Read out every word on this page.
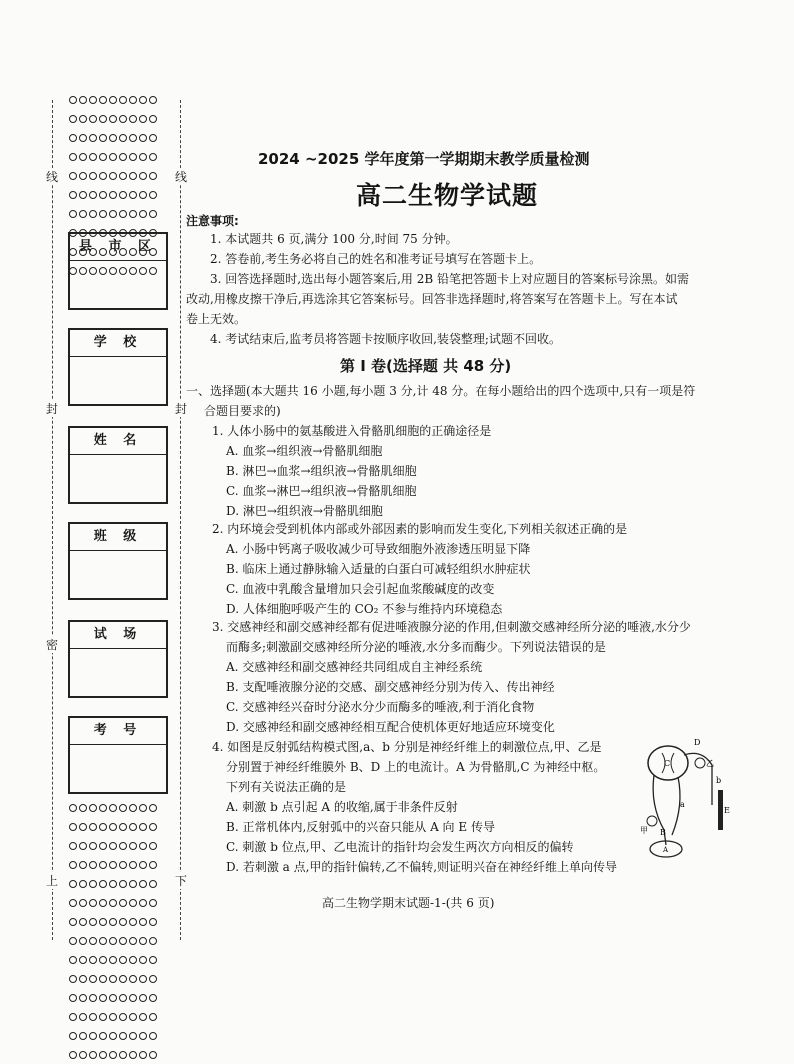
线
封
密
上	下
封
线
县 市 区
学 校
姓 名
班 级
试 场
考 号
2024 ~2025 学年度第一学期期末教学质量检测
高二生物学试题
注意事项:
1. 本试题共 6 页,满分 100 分,时间 75 分钟。
2. 答卷前,考生务必将自己的姓名和准考证号填写在答题卡上。
3. 回答选择题时,选出每小题答案后,用 2B 铅笔把答题卡上对应题目的答案标号涂黑。如需
改动,用橡皮擦干净后,再选涂其它答案标号。回答非选择题时,将答案写在答题卡上。写在本试
卷上无效。
4. 考试结束后,监考员将答题卡按顺序收回,装袋整理;试题不回收。
第 I 卷(选择题 共 48 分)
一、选择题(本大题共 16 小题,每小题 3 分,计 48 分。在每小题给出的四个选项中,只有一项是符
合题目要求的)
1. 人体小肠中的氨基酸进入骨骼肌细胞的正确途径是
A. 血浆→组织液→骨骼肌细胞
B. 淋巴→血浆→组织液→骨骼肌细胞
C. 血浆→淋巴→组织液→骨骼肌细胞
D. 淋巴→组织液→骨骼肌细胞
2. 内环境会受到机体内部或外部因素的影响而发生变化,下列相关叙述正确的是
A. 小肠中钙离子吸收减少可导致细胞外液渗透压明显下降
B. 临床上通过静脉输入适量的白蛋白可减轻组织水肿症状
C. 血液中乳酸含量增加只会引起血浆酸碱度的改变
D. 人体细胞呼吸产生的 CO₂ 不参与维持内环境稳态
3. 交感神经和副交感神经都有促进唾液腺分泌的作用,但刺激交感神经所分泌的唾液,水分少
而酶多;刺激副交感神经所分泌的唾液,水分多而酶少。下列说法错误的是
A. 交感神经和副交感神经共同组成自主神经系统
B. 支配唾液腺分泌的交感、副交感神经分别为传入、传出神经
C. 交感神经兴奋时分泌水分少而酶多的唾液,利于消化食物
D. 交感神经和副交感神经相互配合使机体更好地适应环境变化
4. 如图是反射弧结构模式图,a、b 分别是神经纤维上的刺激位点,甲、乙是
分别置于神经纤维膜外 B、D 上的电流计。A 为骨骼肌,C 为神经中枢。
下列有关说法正确的是
A. 刺激 b 点引起 A 的收缩,属于非条件反射
B. 正常机体内,反射弧中的兴奋只能从 A 向 E 传导
C. 刺激 b 位点,甲、乙电流计的指针均会发生两次方向相反的偏转
D. 若刺激 a 点,甲的指针偏转,乙不偏转,则证明兴奋在神经纤维上单向传导
D
C	乙
b
E
a
甲 B
A
高二生物学期末试题-1-(共 6 页)
